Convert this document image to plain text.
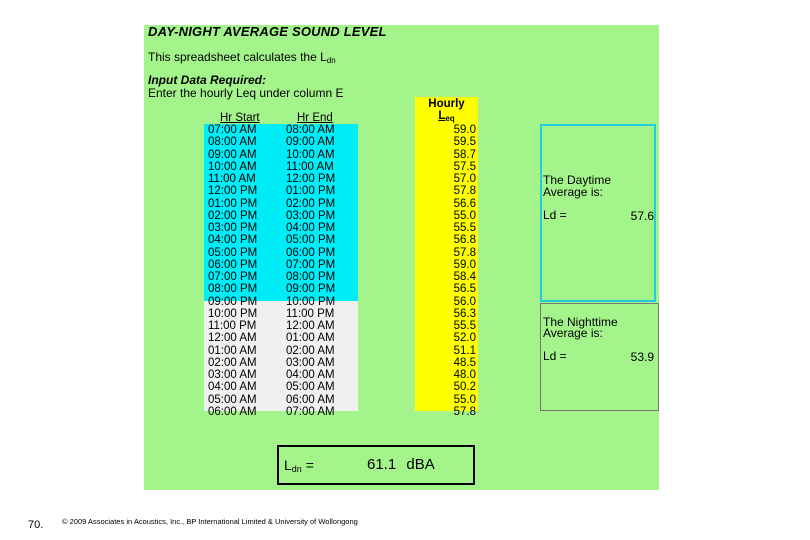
DAY-NIGHT AVERAGE SOUND LEVEL
This spreadsheet calculates the $L_{dn}$
Input Data Required:
Enter the hourly Leq under column E
Hr Start	Hr End
Hourly
$L_{eq}$
07:00 AM	08:00 AM	59.0
08:00 AM	09:00 AM	59.5
09:00 AM	10:00 AM	58.7
10:00 AM	11:00 AM	57.5
11:00 AM	12:00 PM	57.0
12:00 PM	01:00 PM	57.8
01:00 PM	02:00 PM	56.6
02:00 PM	03:00 PM	55.0
03:00 PM	04:00 PM	55.5
04:00 PM	05:00 PM	56.8
05:00 PM	06:00 PM	57.8
06:00 PM	07:00 PM	59.0
07:00 PM	08:00 PM	58.4
08:00 PM	09:00 PM	56.5
09:00 PM	10:00 PM	56.0
10:00 PM	11:00 PM	56.3
11:00 PM	12:00 AM	55.5
12:00 AM	01:00 AM	52.0
01:00 AM	02:00 AM	51.1
02:00 AM	03:00 AM	48.5
03:00 AM	04:00 AM	48.0
04:00 AM	05:00 AM	50.2
05:00 AM	06:00 AM	55.0
06:00 AM	07:00 AM	57.8
The Daytime
Average is:
Ld =	57.6
The Nighttime
Average is:
Ld =	53.9
$L_{dn}$ =	61.1 dBA
70. © 2009 Associates in Acoustics, Inc., BP International Limited & University of Wollongong
